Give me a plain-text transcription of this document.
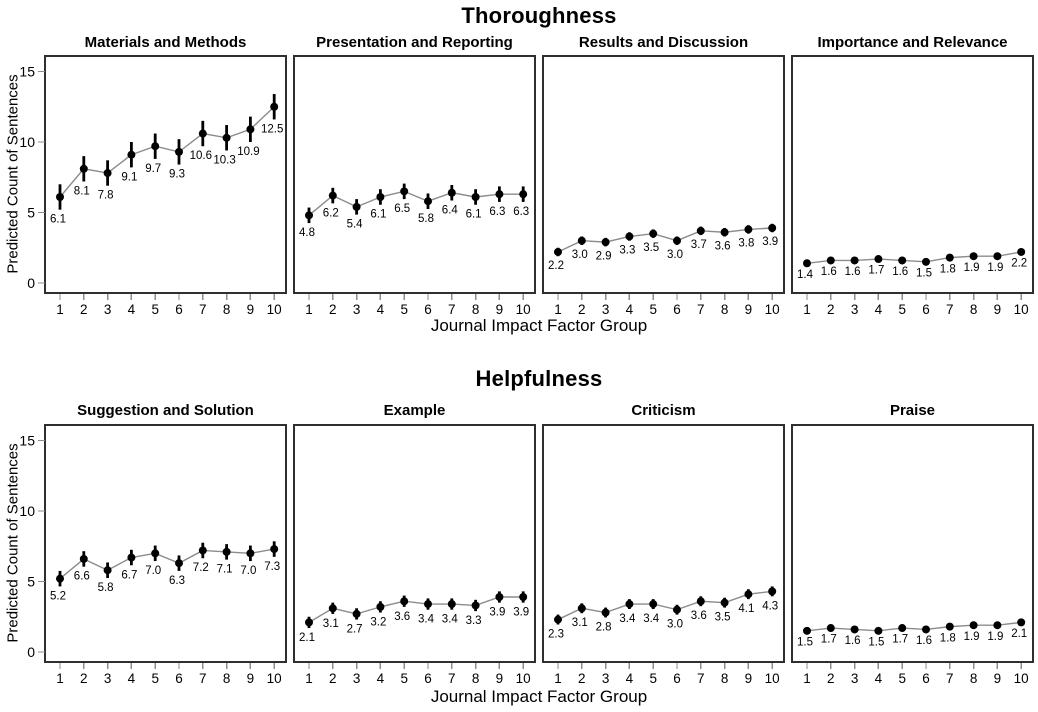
Thoroughness
Materials and Methods	Presentation and Reporting	Results and Discussion	Importance and Relevance
Predicted Count of Sentences
0
5
10
15
1 2 3 4 5 6 7 8 9 10
6.1
8.1 7.8
9.1
9.7 9.3
10.6 10.3
10.9
12.5
1 2 3 4 5 6 7 8 9 10
4.8
6.2
5.4
6.1 6.5
5.8
6.4 6.1 6.3 6.3
1 2 3 4 5 6 7 8 9 10
2.2
3.0 2.9 3.3 3.5
3.0
3.7 3.6 3.8 3.9
1 2 3 4 5 6 7 8 9 10
1.4 1.6 1.6 1.7 1.6 1.5 1.8 1.9 1.9 2.2
Journal Impact Factor Group
Helpfulness
Suggestion and Solution	Example	Criticism	Praise
Predicted Count of Sentences
0
5
10
15
1 2 3 4 5 6 7 8 9 10
5.2
6.6
5.8
6.7 7.0
6.3
7.2 7.1 7.0 7.3
1 2 3 4 5 6 7 8 9 10
2.1
3.1 2.7
3.2 3.6 3.4 3.4 3.3
3.9 3.9
1 2 3 4 5 6 7 8 9 10
2.3
3.1 2.8
3.4 3.4 3.0
3.6 3.5
4.1 4.3
1 2 3 4 5 6 7 8 9 10
1.5 1.7 1.6 1.5 1.7 1.6 1.8 1.9 1.9 2.1
Journal Impact Factor Group
